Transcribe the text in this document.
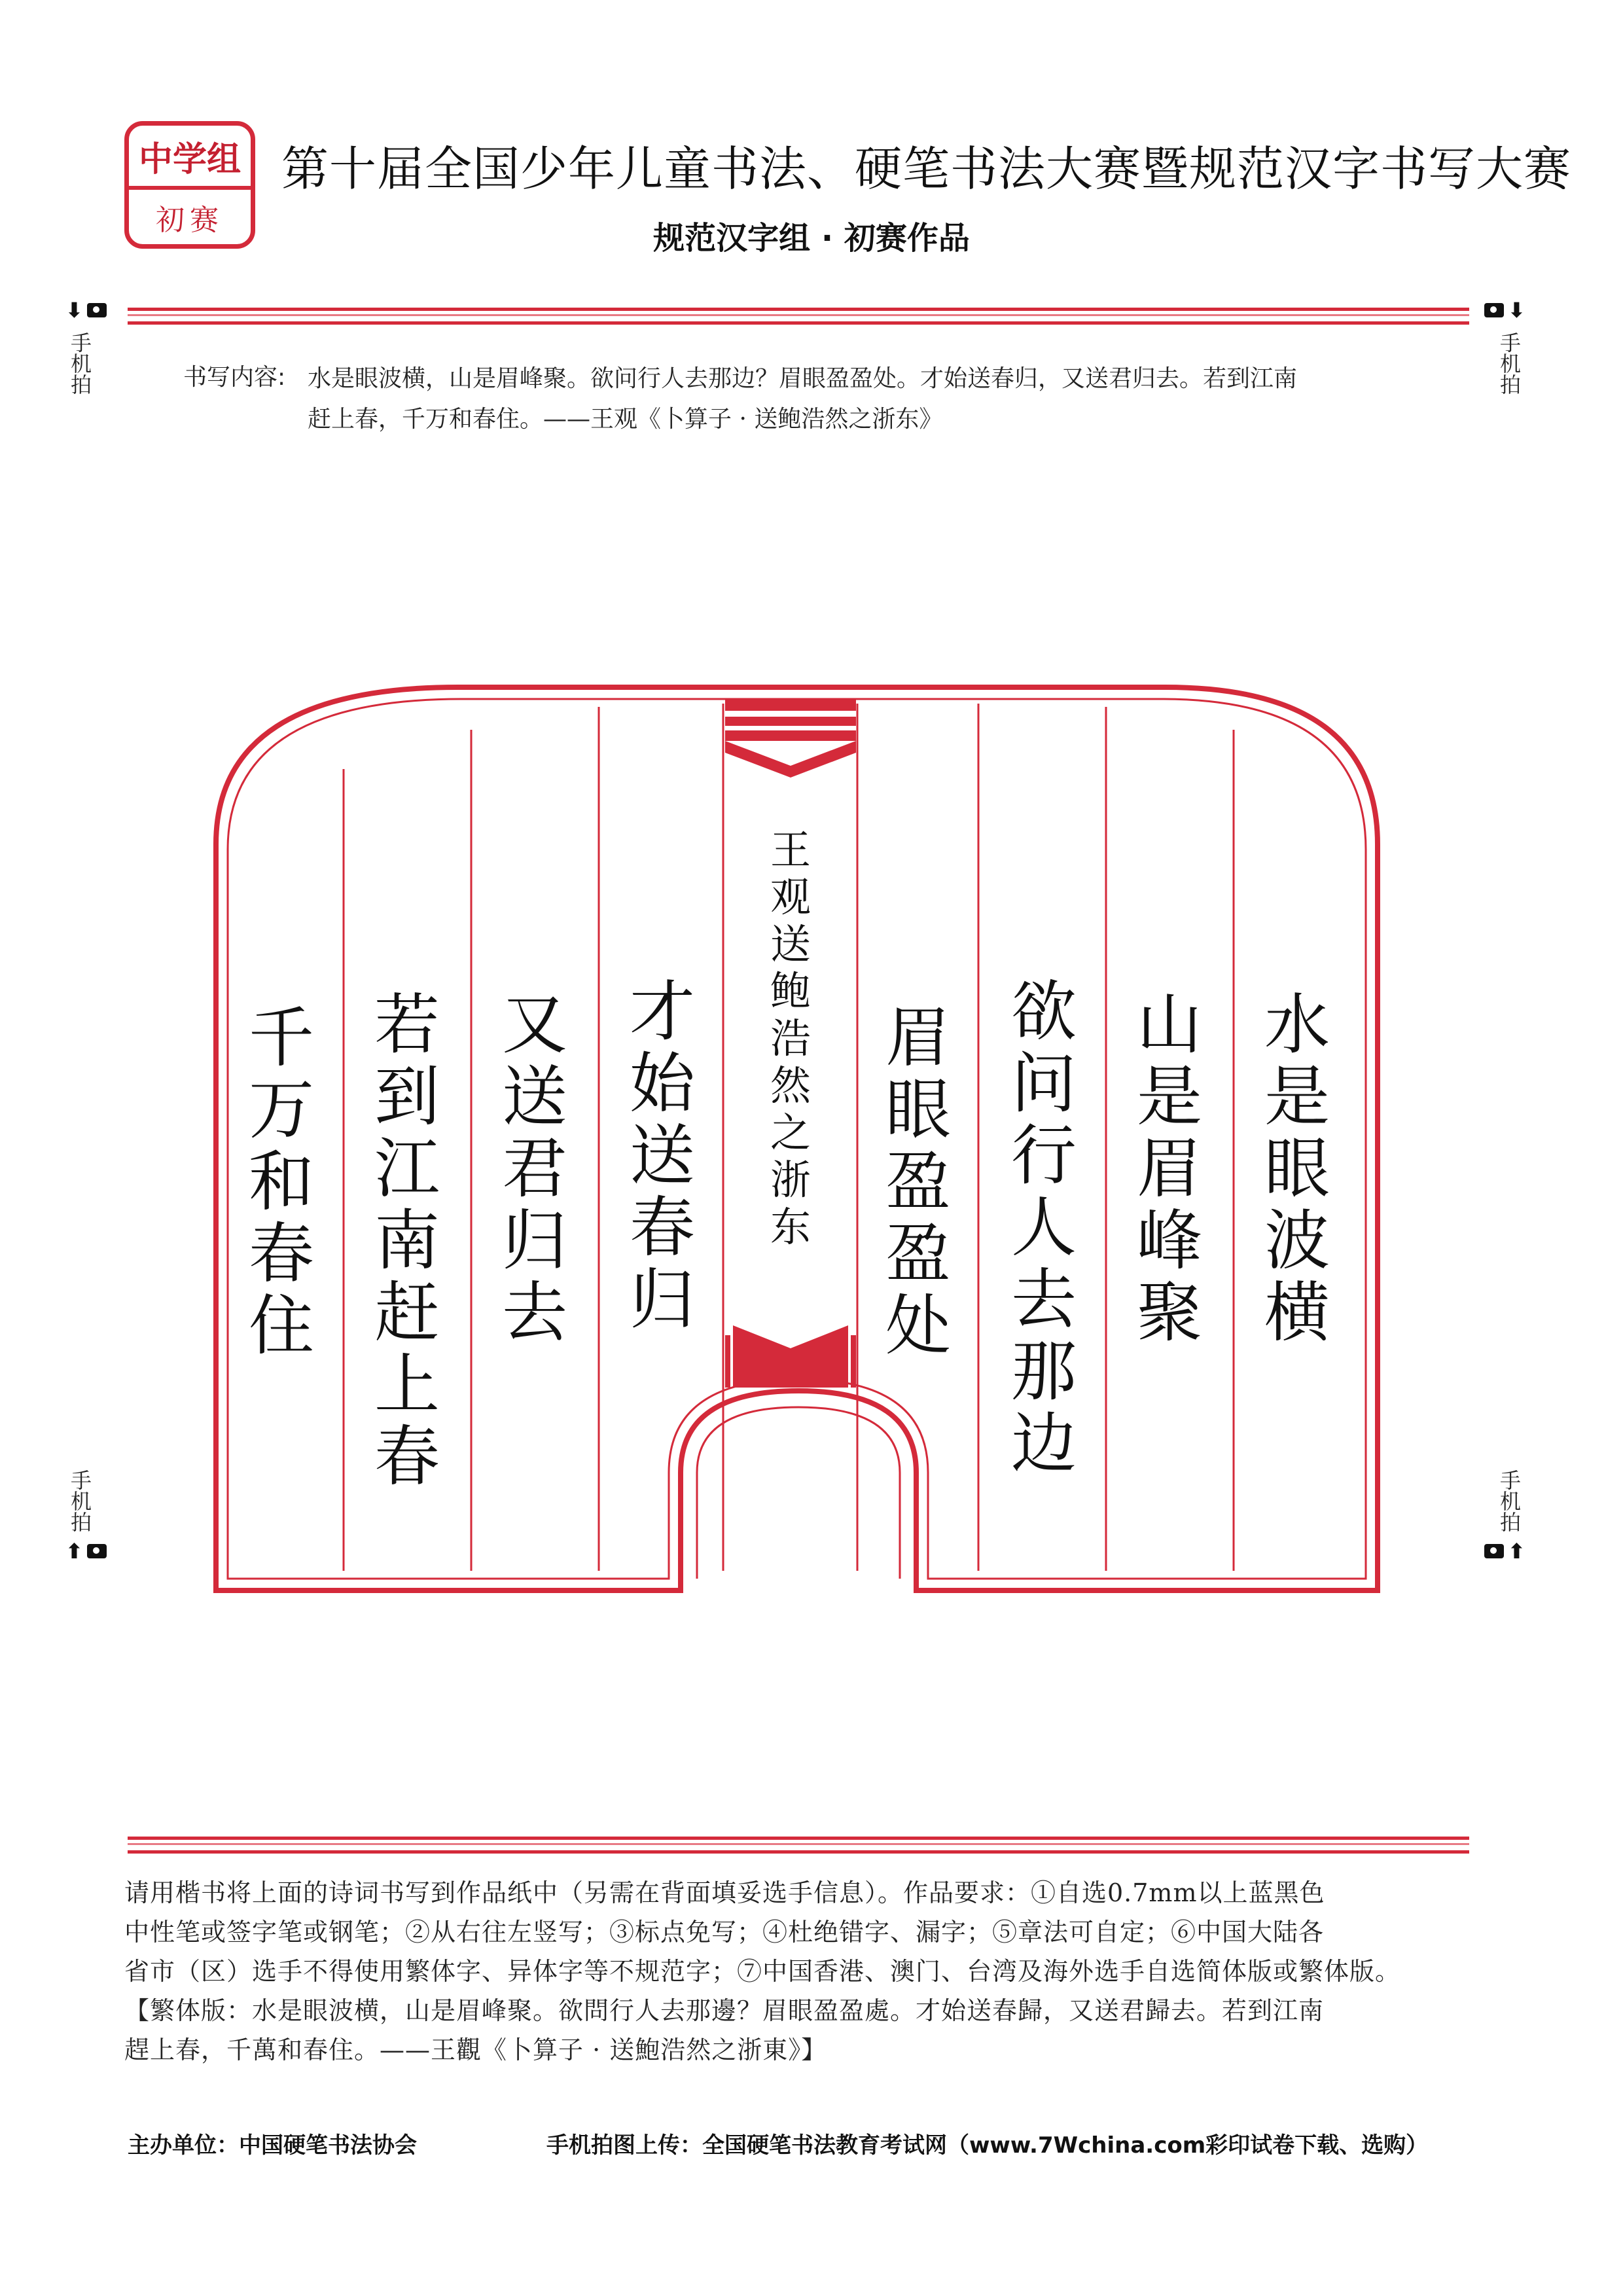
中学组
初赛
第十届全国少年儿童书法、硬笔书法大赛暨规范汉字书写大赛
规范汉字组 · 初赛作品
⬇
手机拍
⬇
手机拍
书写内容: 水是眼波横，山是眉峰聚。欲问行人去那边？眉眼盈盈处。才始送春归，又送君归去。若到江南
赶上春，千万和春住。——王观《卜算子 · 送鲍浩然之浙东》
水是眼波横
山是眉峰聚
欲问行人去那边
眉眼盈盈处
才始送春归
又送君归去
若到江南赶上春
千万和春住
王观送鲍浩然之浙东
手机拍
⬆
手机拍
⬆
请用楷书将上面的诗词书写到作品纸中（另需在背面填妥选手信息）。作品要求：①自选0.7mm以上蓝黑色
中性笔或签字笔或钢笔；②从右往左竖写；③标点免写；④杜绝错字、漏字；⑤章法可自定；⑥中国大陆各
省市（区）选手不得使用繁体字、异体字等不规范字；⑦中国香港、澳门、台湾及海外选手自选简体版或繁体版。
【繁体版：水是眼波横，山是眉峰聚。欲問行人去那邊？眉眼盈盈處。才始送春歸，又送君歸去。若到江南
趕上春，千萬和春住。——王觀《卜算子 · 送鮑浩然之浙東》】
主办单位：中国硬笔书法协会	手机拍图上传：全国硬笔书法教育考试网（www.7Wchina.com彩印试卷下载、选购）
